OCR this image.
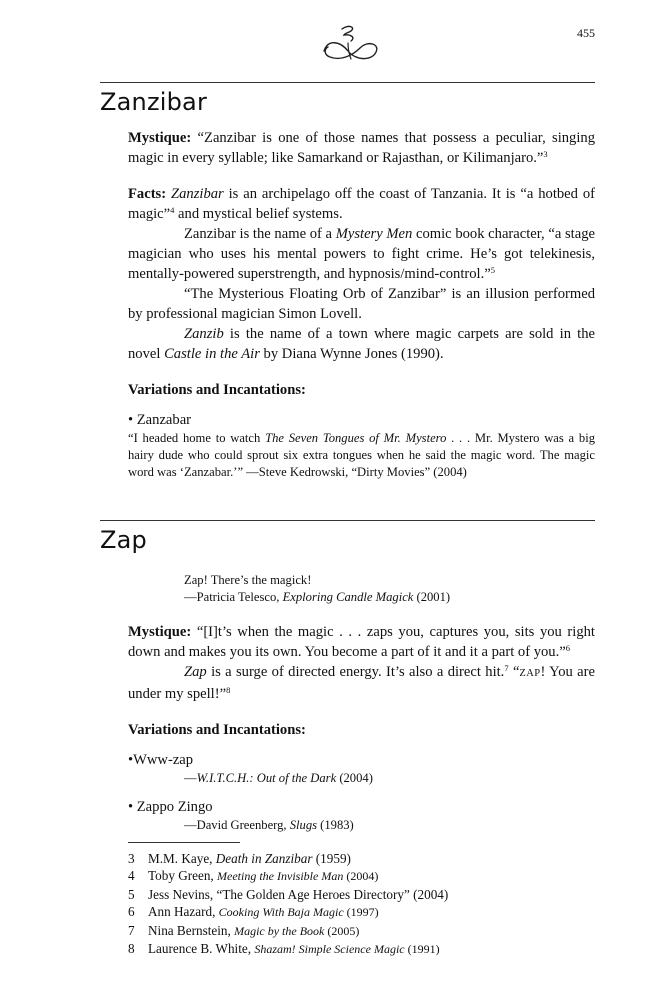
455
Zanzibar

Mystique: “Zanzibar is one of those names that possess a peculiar, singing magic in every syllable; like Samarkand or Rajasthan, or Kilimanjaro.”$^3$

Facts: Zanzibar is an archipelago off the coast of Tanzania. It is “a hotbed of magic”$^4$ and mystical belief systems.

Zanzibar is the name of a Mystery Men comic book character, “a stage magician who uses his mental powers to fight crime. He’s got telekinesis, mentally-powered superstrength, and hypnosis/mind-control.”$^5$

“The Mysterious Floating Orb of Zanzibar” is an illusion performed by professional magician Simon Lovell.

Zanzib is the name of a town where magic carpets are sold in the novel Castle in the Air by Diana Wynne Jones (1990).

Variations and Incantations:

• Zanzabar

“I headed home to watch The Seven Tongues of Mr. Mystero . . . Mr. Mystero was a big hairy dude who could sprout six extra tongues when he said the magic word. The magic word was ‘Zanzabar.’” —Steve Kedrowski, “Dirty Movies” (2004)

Zap
Zap! There’s the magick!
—Patricia Telesco, Exploring Candle Magick (2001)

Mystique: “[I]t’s when the magic . . . zaps you, captures you, sits you right down and makes you its own. You become a part of it and it a part of you.”$^6$

Zap is a surge of directed energy. It’s also a direct hit.$^7$ “ZAP! You are under my spell!”$^8$

Variations and Incantations:

•Www-zap

—W.I.T.C.H.: Out of the Dark (2004)

• Zappo Zingo

—David Greenberg, Slugs (1983)
3 M.M. Kaye, Death in Zanzibar (1959)
4 Toby Green, Meeting the Invisible Man (2004)
5 Jess Nevins, “The Golden Age Heroes Directory” (2004)
6 Ann Hazard, Cooking With Baja Magic (1997)
7 Nina Bernstein, Magic by the Book (2005)
8 Laurence B. White, Shazam! Simple Science Magic (1991)
